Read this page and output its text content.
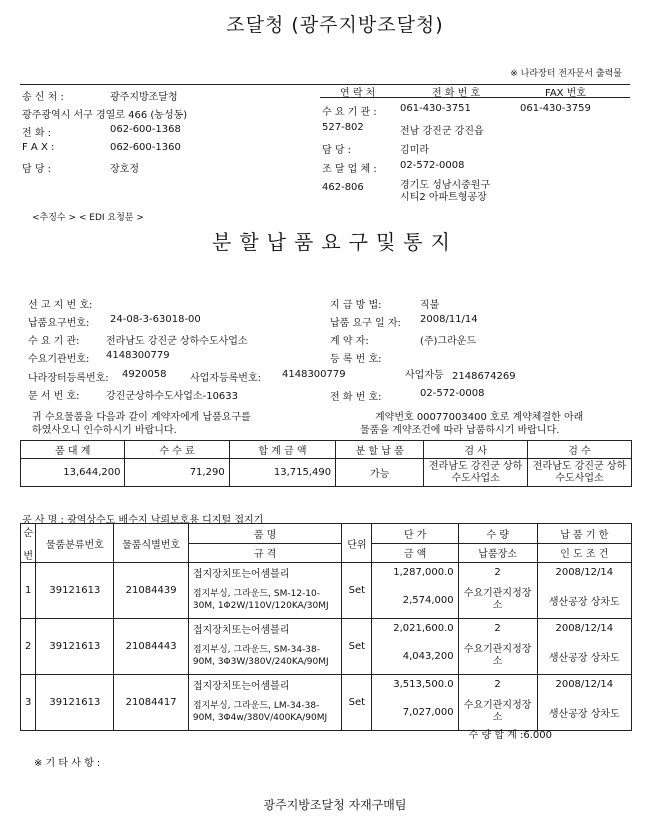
조달청 (광주지방조달청)
※ 나라장터 전자문서 출력물
송 신 처 :	광주지방조달청
광주광역시 서구 경열로 466 (농성동)
전 화 :	062-600-1368
F A X :	062-600-1360
담 당 :	장호정
연 락 처	전 화 번 호	FAX 번호
수 요 기 관 : 061-430-3751	061-430-3759
527-802	전남 강진군 강진읍
담 당 :	김미라
조 달 업 체 : 02-572-0008
462-806	경기도 성남시중원구
시티2 아파트형공장
<추징수 > < EDI 요청분 >
분할납품요구및통지
선 고 지 번 호:
납품요구번호: 24-08-3-63018-00
수 요 기 관:	전라남도 강진군 상하수도사업소
수요기관번호: 4148300779
나라장터등록번호: 4920058 사업자등록번호: 4148300779
문 서 번 호:	강진군상하수도사업소-10633
지 급 방 법:	직불
납품 요구 일 자: 2008/11/14
계 약 자:	(주)그라운드
등 록 번 호:
사업자등 2148674269
전 화 번 호:	02-572-0008
귀 수요물품을 다음과 같이 계약자에게 납품요구를
하였사오니 인수하시기 바랍니다.
계약번호 00077003400 호로 계약체결한 아래
물품을 계약조건에 따라 납품하시기 바랍니다.
품 대 계	수 수 료	합 계 금 액	분 할 납 품	검 사	검 수
13,644,200	71,290	13,715,490	가능	전라남도 강진군 상하수도사업소	전라남도 강진군 상하수도사업소
공 사 명 : 광역상수도 배수지 낙뢰보호용 디지털 접지기
순
번	물품분류번호	물품식별번호	품 명	단위	단 가	수 량	납 품 기 한
			규 격		금 액	납품장소	인 도 조 건
1	39121613	21084439	접지장치또는어셈블리	Set	1,287,000.0	2	2008/12/14
			접지부싱, 그라운드, SM-12-10-30M, 1Φ2W/110V/120KA/30MJ		2,574,000	수요기관지정장소	생산공장 상차도
2	39121613	21084443	접지장치또는어셈블리	Set	2,021,600.0	2	2008/12/14
			접지부싱, 그라운드, SM-34-38-90M, 3Φ3W/380V/240KA/90MJ		4,043,200	수요기관지정장소	생산공장 상차도
3	39121613	21084417	접지장치또는어셈블리	Set	3,513,500.0	2	2008/12/14
			접지부싱, 그라운드, LM-34-38-90M, 3Φ4w/380V/400KA/90MJ		7,027,000	수요기관지정장소	생산공장 상차도
수 량 합 계 :6.000
※ 기 타 사 항 :
광주지방조달청 자재구매팀
